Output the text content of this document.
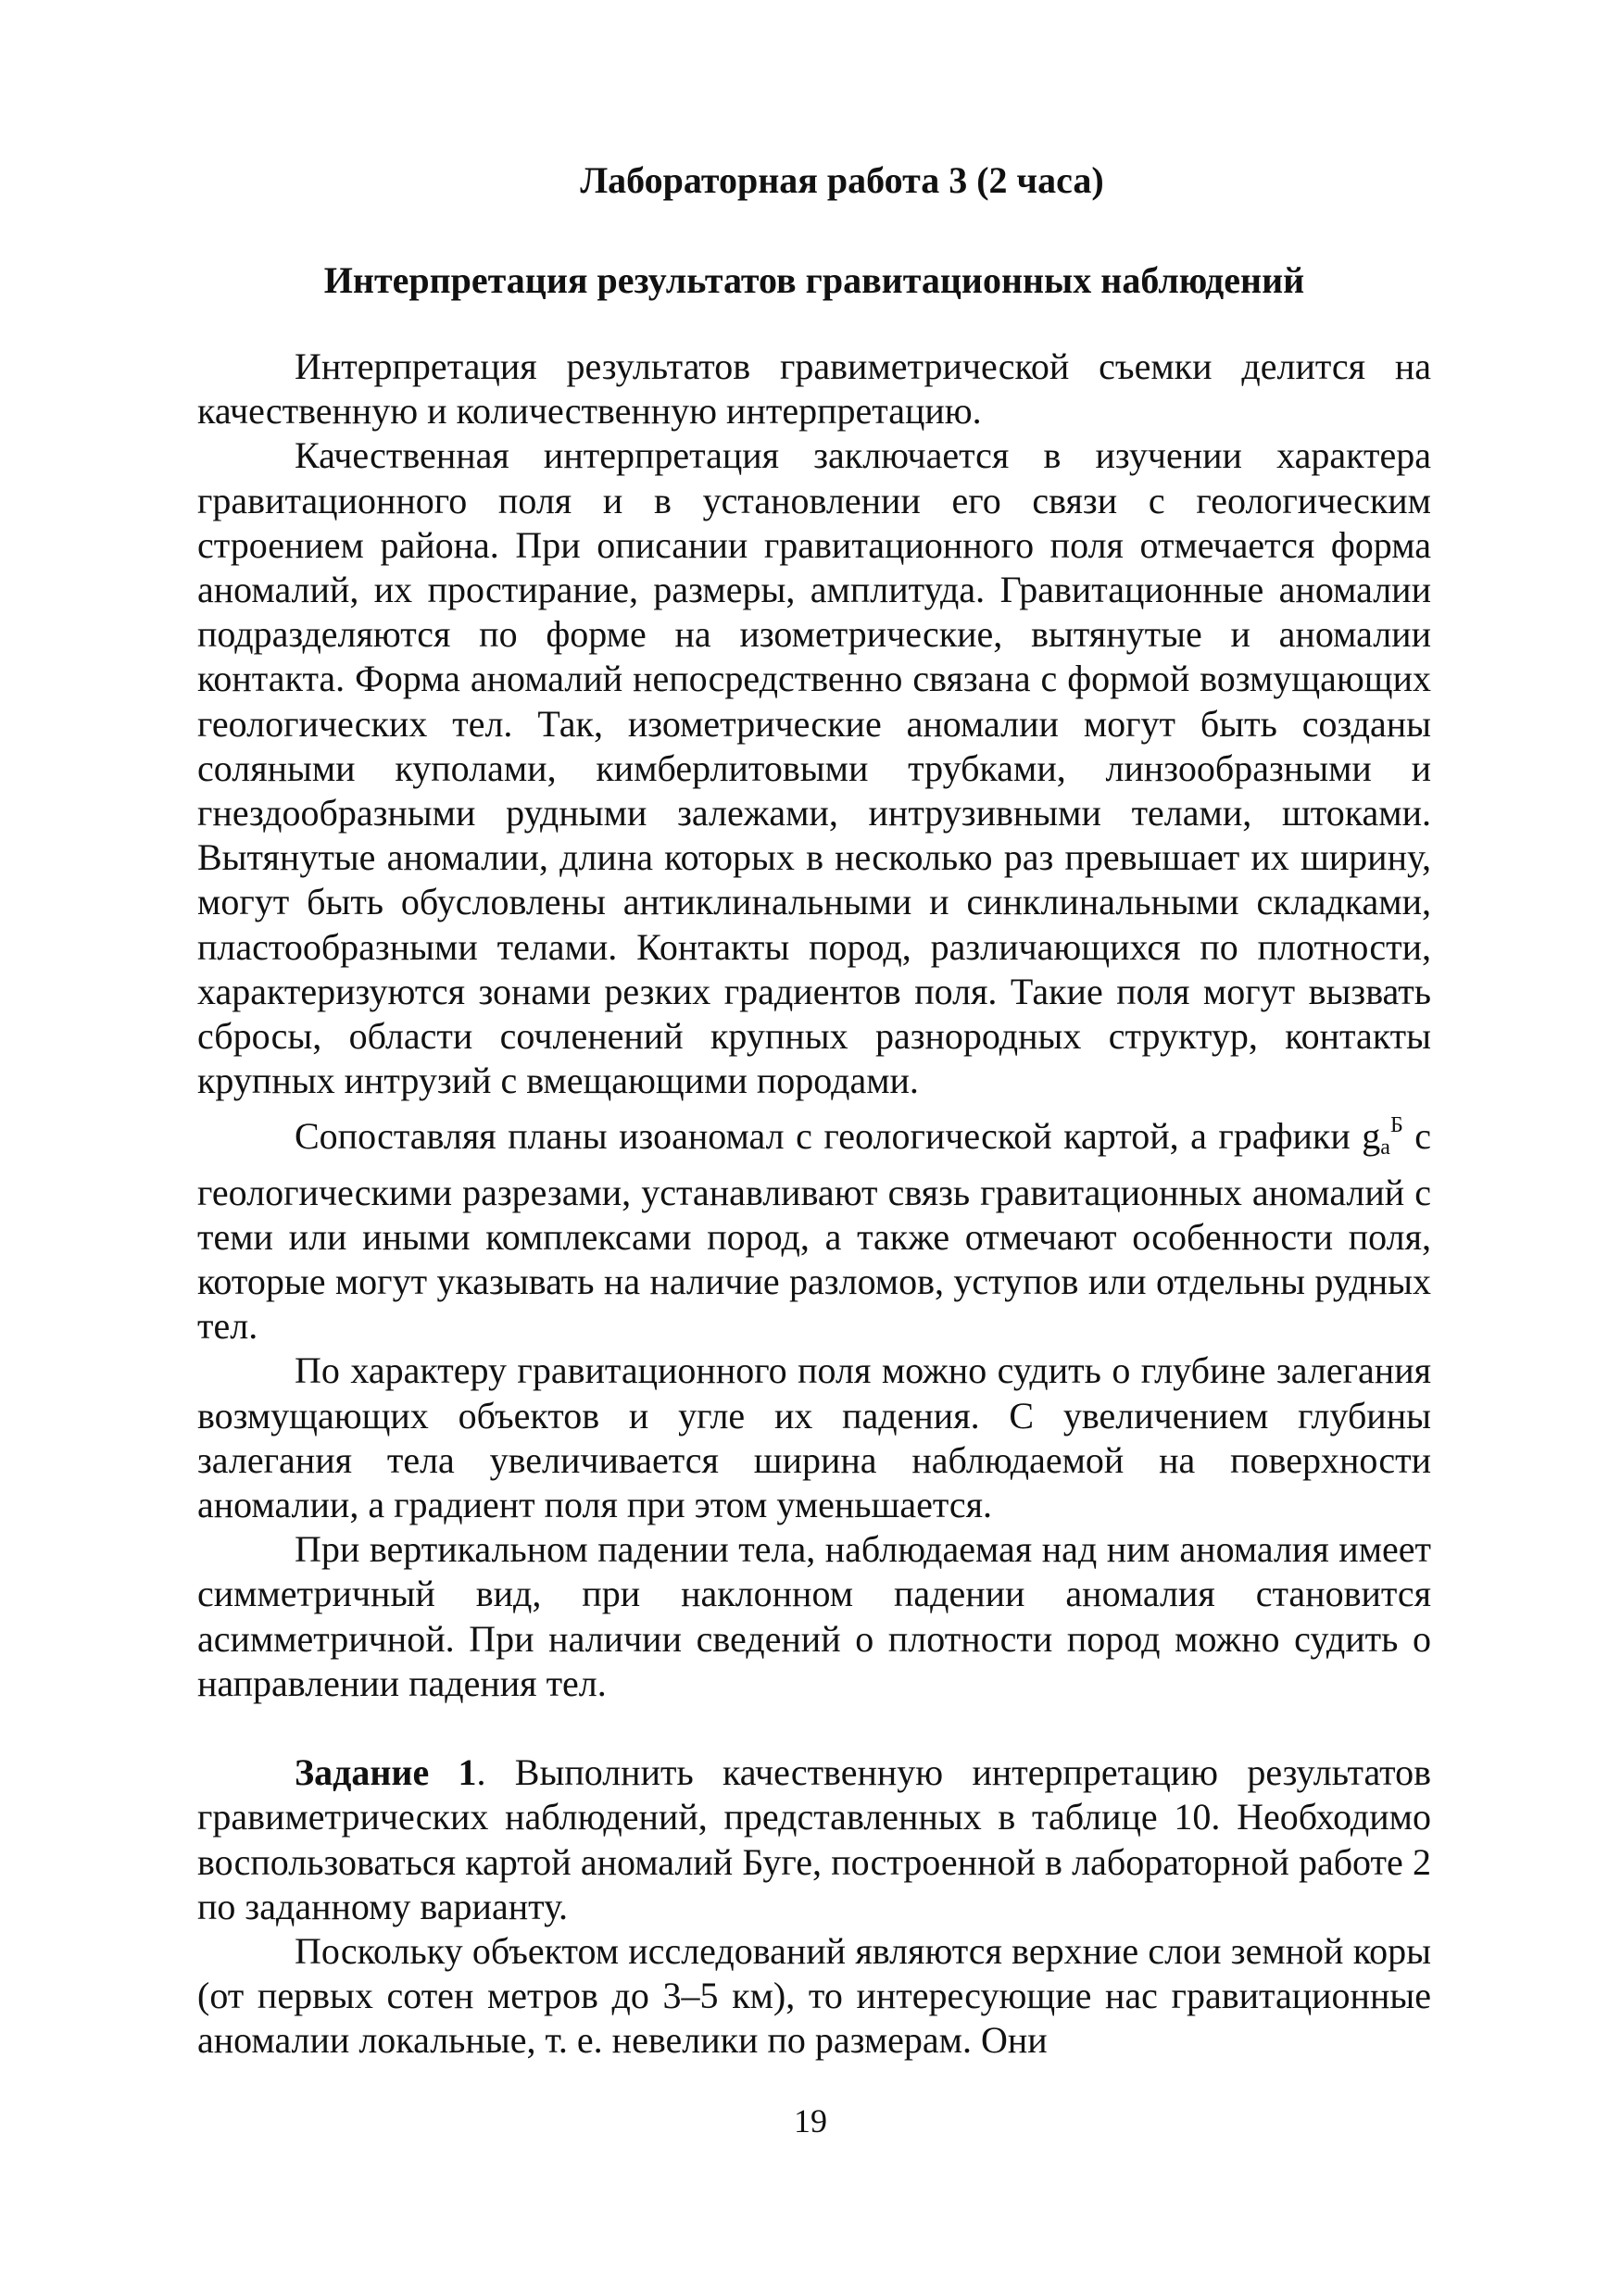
Лабораторная работа 3 (2 часа)
Интерпретация результатов гравитационных наблюдений

Интерпретация результатов гравиметрической съемки делится на качественную и количественную интерпретацию.

Качественная интерпретация заключается в изучении характера гравитационного поля и в установлении его связи с геологическим строением района. При описании гравитационного поля отмечается форма аномалий, их простирание, размеры, амплитуда. Гравитационные аномалии подразделяются по форме на изометрические, вытянутые и аномалии контакта. Форма аномалий непосредственно связана с формой возмущающих геологических тел. Так, изометрические аномалии могут быть созданы соляными куполами, кимберлитовыми трубками, линзообразными и гнездообразными рудными залежами, интрузивными телами, штоками. Вытянутые аномалии, длина которых в несколько раз превышает их ширину, могут быть обусловлены антиклинальными и синклинальными складками, пластообразными телами. Контакты пород, различающихся по плотности, характеризуются зонами резких градиентов поля. Такие поля могут вызвать сбросы, области сочленений крупных разнородных структур, контакты крупных интрузий с вмещающими породами.

Сопоставляя планы изоаномал с геологической картой, а графики $g_a^Б$ с геологическими разрезами, устанавливают связь гравитационных аномалий с теми или иными комплексами пород, а также отмечают особенности поля, которые могут указывать на наличие разломов, уступов или отдельны рудных тел.

По характеру гравитационного поля можно судить о глубине залегания возмущающих объектов и угле их падения. С увеличением глубины залегания тела увеличивается ширина наблюдаемой на поверхности аномалии, а градиент поля при этом уменьшается.

При вертикальном падении тела, наблюдаемая над ним аномалия имеет симметричный вид, при наклонном падении аномалия становится асимметричной. При наличии сведений о плотности пород можно судить о направлении падения тел.

Задание 1. Выполнить качественную интерпретацию результатов гравиметрических наблюдений, представленных в таблице 10. Необходимо воспользоваться картой аномалий Буге, построенной в лабораторной работе 2 по заданному варианту.

Поскольку объектом исследований являются верхние слои земной коры (от первых сотен метров до 3–5 км), то интересующие нас гравитационные аномалии локальные, т. е. невелики по размерам. Они

19
